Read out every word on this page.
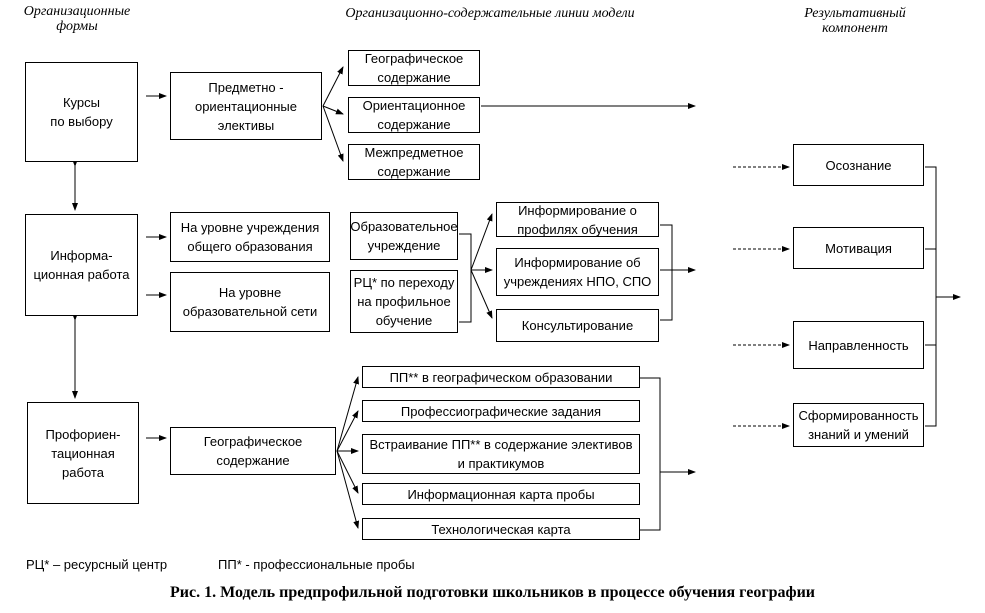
Организационные
формы
Организационно-содержательные линии модели	Результативный
компонент
Курсы
по выбору
Информа-
ционная работа
Профориен-
тационная работа
Предметно -
ориентационные
элективы
Географическое
содержание
Ориентационное
содержание
Межпредметное
содержание
На уровне учреждения
общего образования
На уровне
образовательной сети
Образовательное
учреждение
РЦ* по переходу
на профильное
обучение
Информирование о
профилях обучения
Информирование об
учреждениях НПО, СПО
Консультирование
Географическое
содержание
ПП** в географическом образовании
Профессиографические задания
Встраивание ПП** в содержание элективов
и практикумов
Информационная карта пробы
Технологическая карта
Осознание
Мотивация
Направленность
Сформированность
знаний и умений
РЦ* – ресурсный центр	ПП* - профессиональные пробы
Рис. 1. Модель предпрофильной подготовки школьников в процессе обучения географии
